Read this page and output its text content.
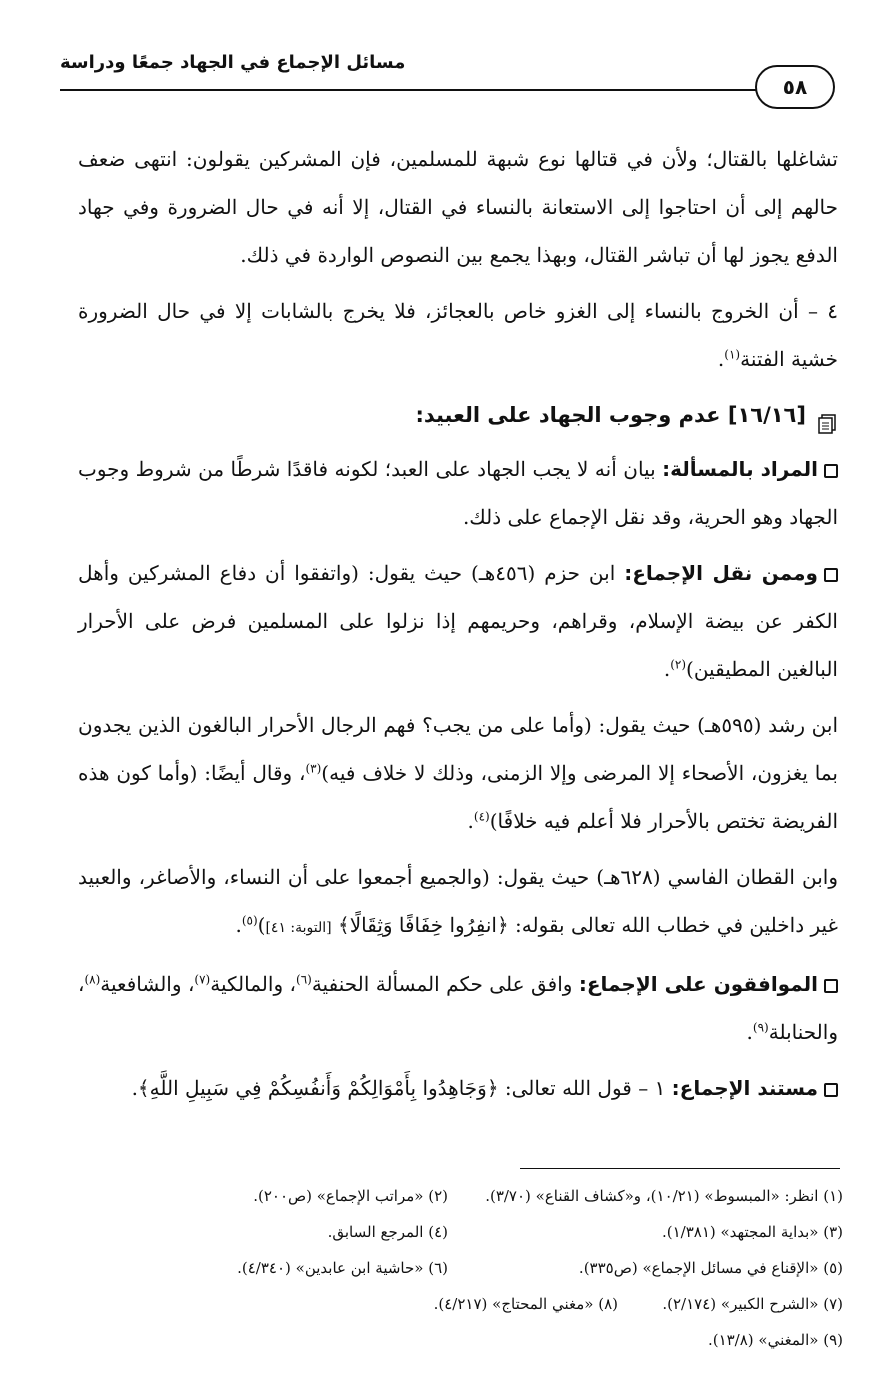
مسائل الإجماع في الجهاد جمعًا ودراسة
٥٨

تشاغلها بالقتال؛ ولأن في قتالها نوع شبهة للمسلمين، فإن المشركين يقولون: انتهى ضعف حالهم إلى أن احتاجوا إلى الاستعانة بالنساء في القتال، إلا أنه في حال الضرورة وفي جهاد الدفع يجوز لها أن تباشر القتال، وبهذا يجمع بين النصوص الواردة في ذلك.

٤ – أن الخروج بالنساء إلى الغزو خاص بالعجائز، فلا يخرج بالشابات إلا في حال الضرورة خشية الفتنة$^{(١)}$.

[١٦/١٦] عدم وجوب الجهاد على العبيد:

المراد بالمسألة: بيان أنه لا يجب الجهاد على العبد؛ لكونه فاقدًا شرطًا من شروط وجوب الجهاد وهو الحرية، وقد نقل الإجماع على ذلك.

وممن نقل الإجماع: ابن حزم (٤٥٦هـ) حيث يقول: (واتفقوا أن دفاع المشركين وأهل الكفر عن بيضة الإسلام، وقراهم، وحريمهم إذا نزلوا على المسلمين فرض على الأحرار البالغين المطيقين)$^{(٢)}$.

ابن رشد (٥٩٥هـ) حيث يقول: (وأما على من يجب؟ فهم الرجال الأحرار البالغون الذين يجدون بما يغزون، الأصحاء إلا المرضى وإلا الزمنى، وذلك لا خلاف فيه)$^{(٣)}$، وقال أيضًا: (وأما كون هذه الفريضة تختص بالأحرار فلا أعلم فيه خلافًا)$^{(٤)}$.

وابن القطان الفاسي (٦٢٨هـ) حيث يقول: (والجميع أجمعوا على أن النساء، والأصاغر، والعبيد غير داخلين في خطاب الله تعالى بقوله: ﴿انفِرُوا خِفَافًا وَثِقَالًا﴾ [التوبة: ٤١])$^{(٥)}$.

الموافقون على الإجماع: وافق على حكم المسألة الحنفية$^{(٦)}$، والمالكية$^{(٧)}$، والشافعية$^{(٨)}$، والحنابلة$^{(٩)}$.

مستند الإجماع: ١ – قول الله تعالى: ﴿وَجَاهِدُوا بِأَمْوَالِكُمْ وَأَنفُسِكُمْ فِي سَبِيلِ اللَّهِ﴾.

(١) انظر: «المبسوط» (١٠/٢١)، و«كشاف القناع» (٣/٧٠).
(٢) «مراتب الإجماع» (ص٢٠٠).
(٣) «بداية المجتهد» (١/٣٨١).
(٤) المرجع السابق.
(٥) «الإقناع في مسائل الإجماع» (ص٣٣٥).
(٦) «حاشية ابن عابدين» (٤/٣٤٠).
(٧) «الشرح الكبير» (٢/١٧٤).
(٨) «مغني المحتاج» (٤/٢١٧).
(٩) «المغني» (١٣/٨).
